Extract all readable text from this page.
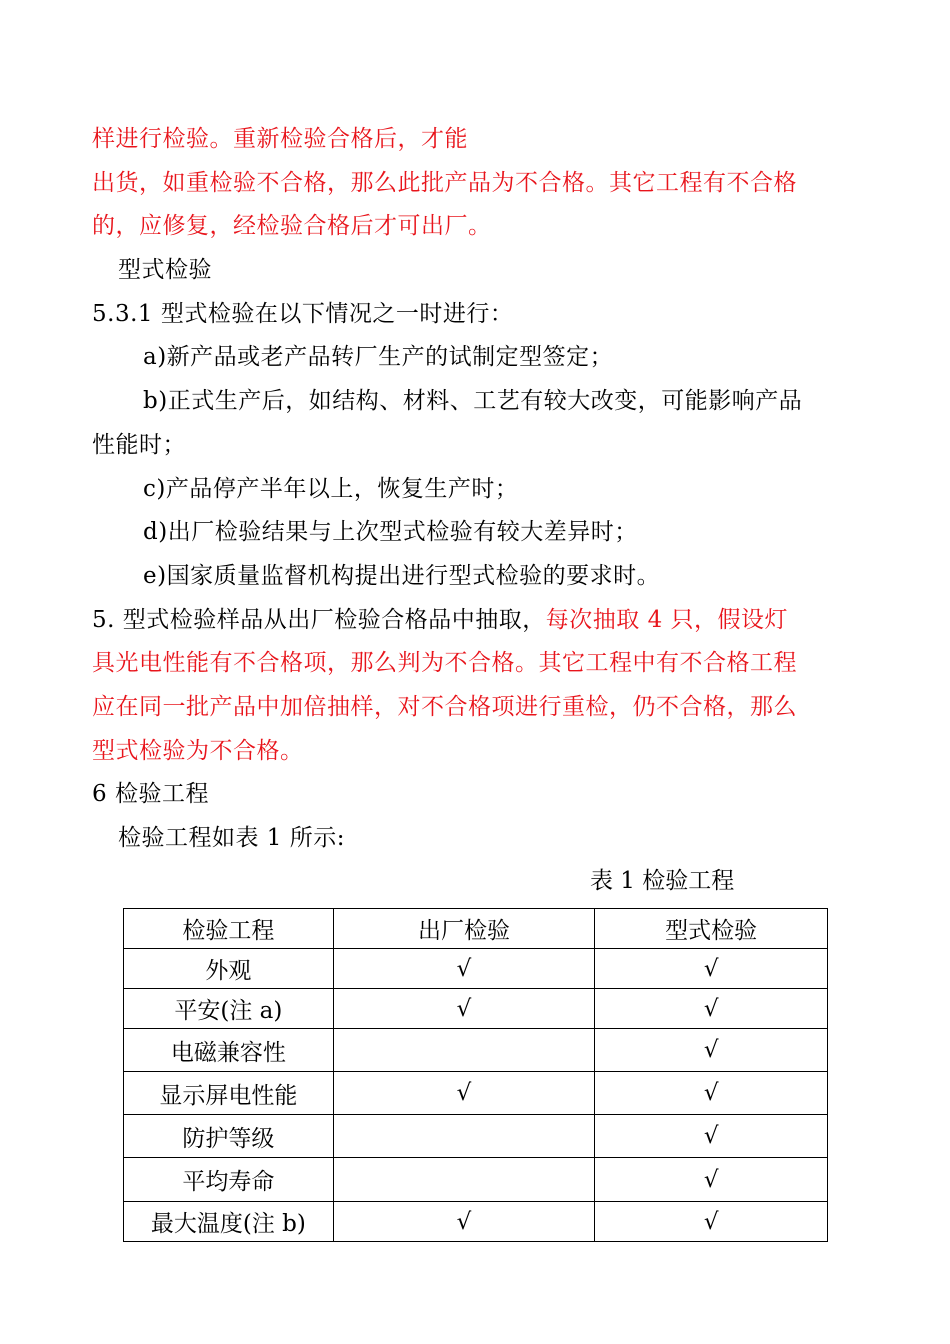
样进行检验。重新检验合格后，才能
出货，如重检验不合格，那么此批产品为不合格。其它工程有不合格
的，应修复，经检验合格后才可出厂。
型式检验
5.3.1 型式检验在以下情况之一时进行：
a)新产品或老产品转厂生产的试制定型签定；
b)正式生产后，如结构、材料、工艺有较大改变，可能影响产品
性能时；
c)产品停产半年以上，恢复生产时；
d)出厂检验结果与上次型式检验有较大差异时；
e)国家质量监督机构提出进行型式检验的要求时。
5. 型式检验样品从出厂检验合格品中抽取，每次抽取 4 只，假设灯
具光电性能有不合格项，那么判为不合格。其它工程中有不合格工程
应在同一批产品中加倍抽样，对不合格项进行重检，仍不合格，那么
型式检验为不合格。
6 检验工程
检验工程如表 1 所示:
表 1 检验工程
检验工程	出厂检验	型式检验
外观	√	√
平安(注 a)	√	√
电磁兼容性		√
显示屏电性能	√	√
防护等级		√
平均寿命		√
最大温度(注 b)	√	√
